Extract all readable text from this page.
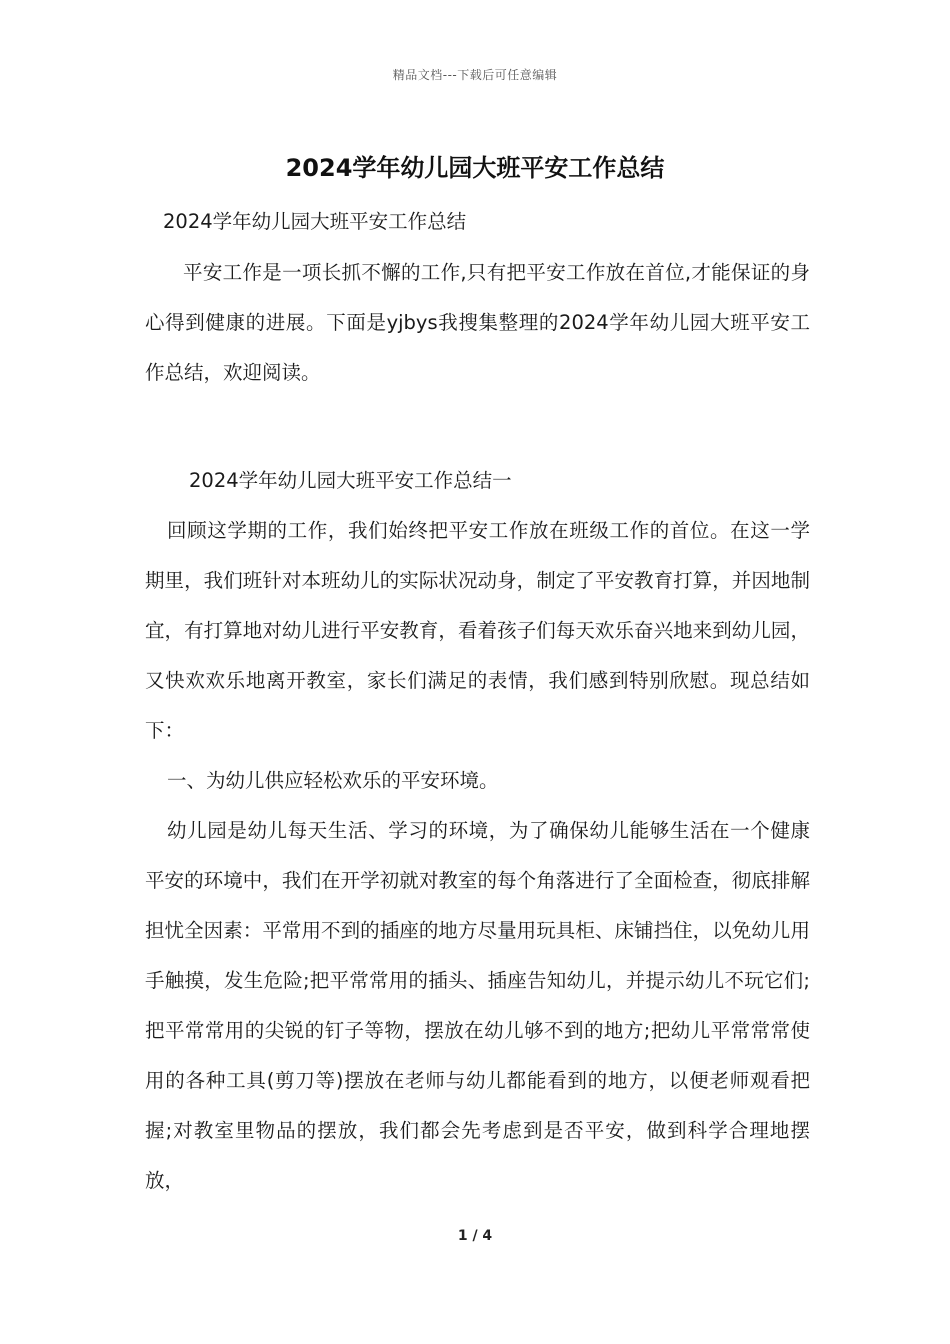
精品文档---下载后可任意编辑
2024学年幼儿园大班平安工作总结

2024学年幼儿园大班平安工作总结

平安工作是一项长抓不懈的工作,只有把平安工作放在首位,才能保证的身心得到健康的进展。下面是yjbys我搜集整理的2024学年幼儿园大班平安工作总结，欢迎阅读。

2024学年幼儿园大班平安工作总结一

回顾这学期的工作，我们始终把平安工作放在班级工作的首位。在这一学期里，我们班针对本班幼儿的实际状况动身，制定了平安教育打算，并因地制宜，有打算地对幼儿进行平安教育，看着孩子们每天欢乐奋兴地来到幼儿园，又快欢欢乐地离开教室，家长们满足的表情，我们感到特别欣慰。现总结如下：

一、为幼儿供应轻松欢乐的平安环境。

幼儿园是幼儿每天生活、学习的环境，为了确保幼儿能够生活在一个健康平安的环境中，我们在开学初就对教室的每个角落进行了全面检查，彻底排解担忧全因素：平常用不到的插座的地方尽量用玩具柜、床铺挡住，以免幼儿用手触摸，发生危险;把平常常用的插头、插座告知幼儿，并提示幼儿不玩它们;把平常常用的尖锐的钉子等物，摆放在幼儿够不到的地方;把幼儿平常常常使用的各种工具(剪刀等)摆放在老师与幼儿都能看到的地方，以便老师观看把握;对教室里物品的摆放，我们都会先考虑到是否平安，做到科学合理地摆放，

1 / 4
